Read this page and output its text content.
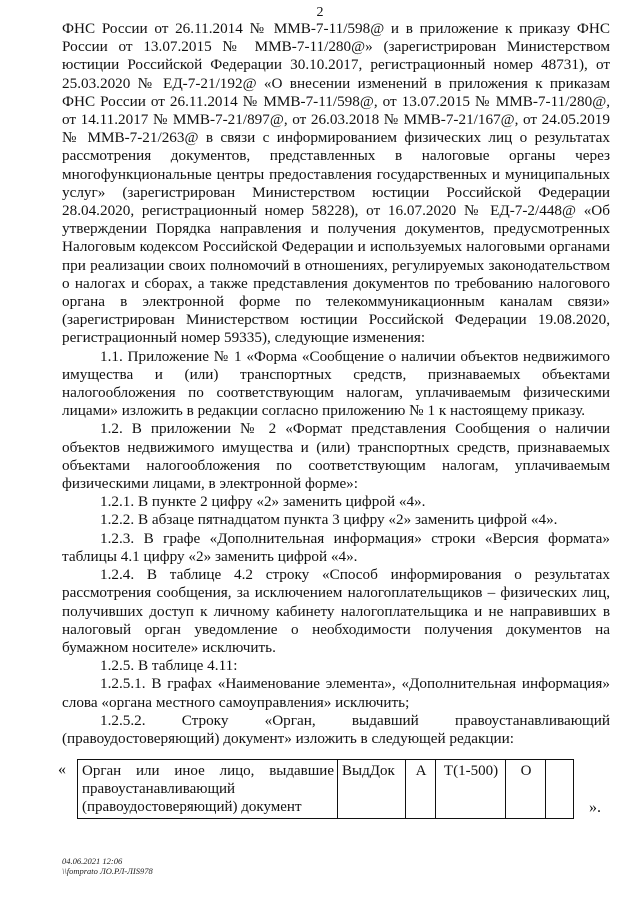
2

ФНС России от 26.11.2014 № ММВ-7-11/598@ и в приложение к приказу ФНС России от 13.07.2015 № ММВ-7-11/280@» (зарегистрирован Министерством юстиции Российской Федерации 30.10.2017, регистрационный номер 48731), от 25.03.2020 № ЕД-7-21/192@ «О внесении изменений в приложения к приказам ФНС России от 26.11.2014 № ММВ-7-11/598@, от 13.07.2015 № ММВ-7-11/280@, от 14.11.2017 № ММВ-7-21/897@, от 26.03.2018 № ММВ-7-21/167@, от 24.05.2019 № ММВ-7-21/263@ в связи с информированием физических лиц о результатах рассмотрения документов, представленных в налоговые органы через многофункциональные центры предоставления государственных и муниципальных услуг» (зарегистрирован Министерством юстиции Российской Федерации 28.04.2020, регистрационный номер 58228), от 16.07.2020 № ЕД-7-2/448@ «Об утверждении Порядка направления и получения документов, предусмотренных Налоговым кодексом Российской Федерации и используемых налоговыми органами при реализации своих полномочий в отношениях, регулируемых законодательством о налогах и сборах, а также представления документов по требованию налогового органа в электронной форме по телекоммуникационным каналам связи» (зарегистрирован Министерством юстиции Российской Федерации 19.08.2020, регистрационный номер 59335), следующие изменения:

1.1. Приложение № 1 «Форма «Сообщение о наличии объектов недвижимого имущества и (или) транспортных средств, признаваемых объектами налогообложения по соответствующим налогам, уплачиваемым физическими лицами» изложить в редакции согласно приложению № 1 к настоящему приказу.

1.2. В приложении № 2 «Формат представления Сообщения о наличии объектов недвижимого имущества и (или) транспортных средств, признаваемых объектами налогообложения по соответствующим налогам, уплачиваемым физическими лицами, в электронной форме»:

1.2.1. В пункте 2 цифру «2» заменить цифрой «4».

1.2.2. В абзаце пятнадцатом пункта 3 цифру «2» заменить цифрой «4».

1.2.3. В графе «Дополнительная информация» строки «Версия формата» таблицы 4.1 цифру «2» заменить цифрой «4».

1.2.4. В таблице 4.2 строку «Способ информирования о результатах рассмотрения сообщения, за исключением налогоплательщиков – физических лиц, получивших доступ к личному кабинету налогоплательщика и не направивших в налоговый орган уведомление о необходимости получения документов на бумажном носителе» исключить.

1.2.5. В таблице 4.11:

1.2.5.1. В графах «Наименование элемента», «Дополнительная информация» слова «органа местного самоуправления» исключить;

1.2.5.2. Строку «Орган, выдавший правоустанавливающий (правоудостоверяющий) документ» изложить в следующей редакции:

« Орган или иное лицо, выдавшие правоустанавливающий (правоудостоверяющий) документ	ВыдДок	А	Т(1-500)	О	
».
04.06.2021 12:06
\\fomprato ЛО.РЛ-ЛIS978
